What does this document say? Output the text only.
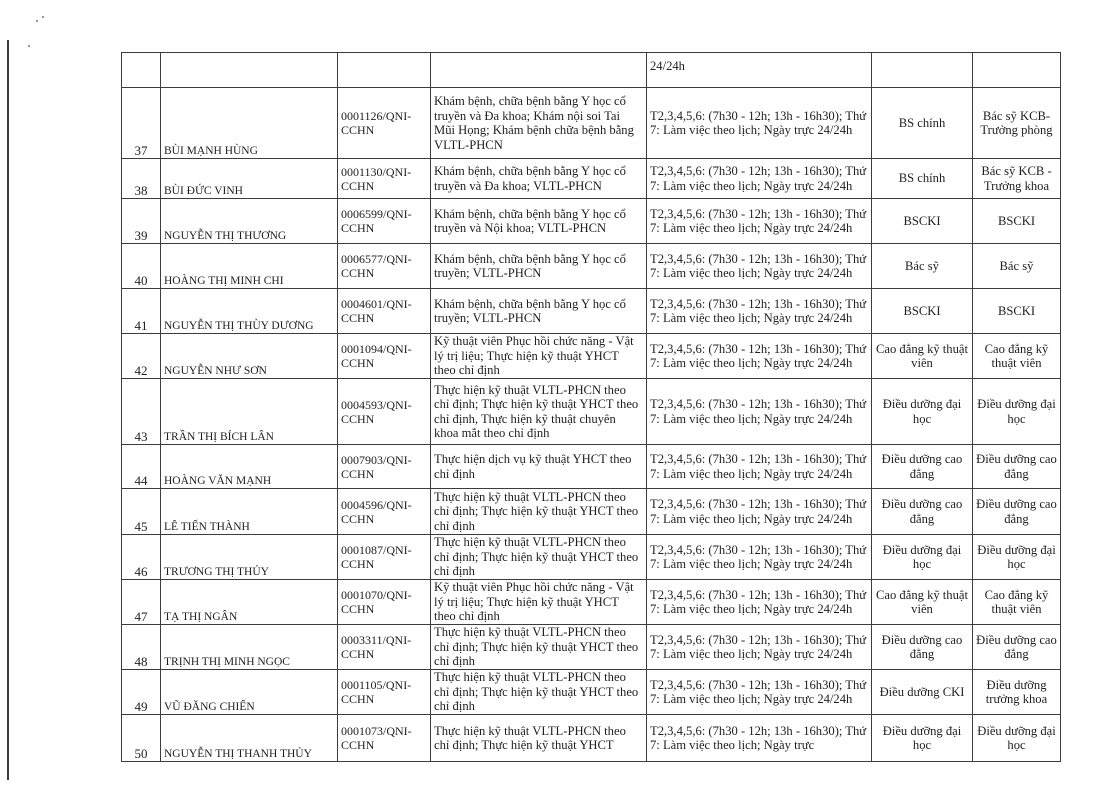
				24/24h		
37	BÙI MẠNH HÙNG	0001126/QNI-CCHN	Khám bệnh, chữa bệnh bằng Y học cổ truyền và Đa khoa; Khám nội soi Tai Mũi Họng; Khám bệnh chữa bệnh bằng VLTL-PHCN	T2,3,4,5,6: (7h30 - 12h; 13h - 16h30); Thứ 7: Làm việc theo lịch; Ngày trực 24/24h	BS chính	Bác sỹ KCB- Trưởng phòng
38	BÙI ĐỨC VINH	0001130/QNI-CCHN	Khám bệnh, chữa bệnh bằng Y học cổ truyền và Đa khoa; VLTL-PHCN	T2,3,4,5,6: (7h30 - 12h; 13h - 16h30); Thứ 7: Làm việc theo lịch; Ngày trực 24/24h	BS chính	Bác sỹ KCB - Trưởng khoa
39	NGUYỄN THỊ THƯƠNG	0006599/QNI-CCHN	Khám bệnh, chữa bệnh bằng Y học cổ truyền và Nội khoa; VLTL-PHCN	T2,3,4,5,6: (7h30 - 12h; 13h - 16h30); Thứ 7: Làm việc theo lịch; Ngày trực 24/24h	BSCKI	BSCKI
40	HOÀNG THỊ MINH CHI	0006577/QNI-CCHN	Khám bệnh, chữa bệnh bằng Y học cổ truyền; VLTL-PHCN	T2,3,4,5,6: (7h30 - 12h; 13h - 16h30); Thứ 7: Làm việc theo lịch; Ngày trực 24/24h	Bác sỹ	Bác sỹ
41	NGUYỄN THỊ THÙY DƯƠNG	0004601/QNI-CCHN	Khám bệnh, chữa bệnh bằng Y học cổ truyền; VLTL-PHCN	T2,3,4,5,6: (7h30 - 12h; 13h - 16h30); Thứ 7: Làm việc theo lịch; Ngày trực 24/24h	BSCKI	BSCKI
42	NGUYỄN NHƯ SƠN	0001094/QNI-CCHN	Kỹ thuật viên Phục hồi chức năng - Vật lý trị liệu; Thực hiện kỹ thuật YHCT theo chỉ định	T2,3,4,5,6: (7h30 - 12h; 13h - 16h30); Thứ 7: Làm việc theo lịch; Ngày trực 24/24h	Cao đẳng kỹ thuật viên	Cao đẳng kỹ thuật viên
43	TRẦN THỊ BÍCH LÂN	0004593/QNI-CCHN	Thực hiện kỹ thuật VLTL-PHCN theo chỉ định; Thực hiện kỹ thuật YHCT theo chỉ định, Thực hiện kỹ thuật chuyên khoa mắt theo chỉ định	T2,3,4,5,6: (7h30 - 12h; 13h - 16h30); Thứ 7: Làm việc theo lịch; Ngày trực 24/24h	Điều dưỡng đại học	Điều dưỡng đại học
44	HOÀNG VĂN MẠNH	0007903/QNI-CCHN	Thực hiện dịch vụ kỹ thuật YHCT theo chỉ định	T2,3,4,5,6: (7h30 - 12h; 13h - 16h30); Thứ 7: Làm việc theo lịch; Ngày trực 24/24h	Điều dưỡng cao đẳng	Điều dưỡng cao đẳng
45	LÊ TIẾN THÀNH	0004596/QNI-CCHN	Thực hiện kỹ thuật VLTL-PHCN theo chỉ định; Thực hiện kỹ thuật YHCT theo chỉ định	T2,3,4,5,6: (7h30 - 12h; 13h - 16h30); Thứ 7: Làm việc theo lịch; Ngày trực 24/24h	Điều dưỡng cao đẳng	Điều dưỡng cao đẳng
46	TRƯƠNG THỊ THỦY	0001087/QNI-CCHN	Thực hiện kỹ thuật VLTL-PHCN theo chỉ định; Thực hiện kỹ thuật YHCT theo chỉ định	T2,3,4,5,6: (7h30 - 12h; 13h - 16h30); Thứ 7: Làm việc theo lịch; Ngày trực 24/24h	Điều dưỡng đại học	Điều dưỡng đại học
47	TẠ THỊ NGÂN	0001070/QNI-CCHN	Kỹ thuật viên Phục hồi chức năng - Vật lý trị liệu; Thực hiện kỹ thuật YHCT theo chỉ định	T2,3,4,5,6: (7h30 - 12h; 13h - 16h30); Thứ 7: Làm việc theo lịch; Ngày trực 24/24h	Cao đẳng kỹ thuật viên	Cao đẳng kỹ thuật viên
48	TRỊNH THỊ MINH NGỌC	0003311/QNI-CCHN	Thực hiện kỹ thuật VLTL-PHCN theo chỉ định; Thực hiện kỹ thuật YHCT theo chỉ định	T2,3,4,5,6: (7h30 - 12h; 13h - 16h30); Thứ 7: Làm việc theo lịch; Ngày trực 24/24h	Điều dưỡng cao đẳng	Điều dưỡng cao đẳng
49	VŨ ĐĂNG CHIẾN	0001105/QNI-CCHN	Thực hiện kỹ thuật VLTL-PHCN theo chỉ định; Thực hiện kỹ thuật YHCT theo chỉ định	T2,3,4,5,6: (7h30 - 12h; 13h - 16h30); Thứ 7: Làm việc theo lịch; Ngày trực 24/24h	Điều dưỡng CKI	Điều dưỡng trưởng khoa
50	NGUYỄN THỊ THANH THỦY	0001073/QNI-CCHN	Thực hiện kỹ thuật VLTL-PHCN theo chỉ định; Thực hiện kỹ thuật YHCT	T2,3,4,5,6: (7h30 - 12h; 13h - 16h30); Thứ 7: Làm việc theo lịch; Ngày trực	Điều dưỡng đại học	Điều dưỡng đại học
